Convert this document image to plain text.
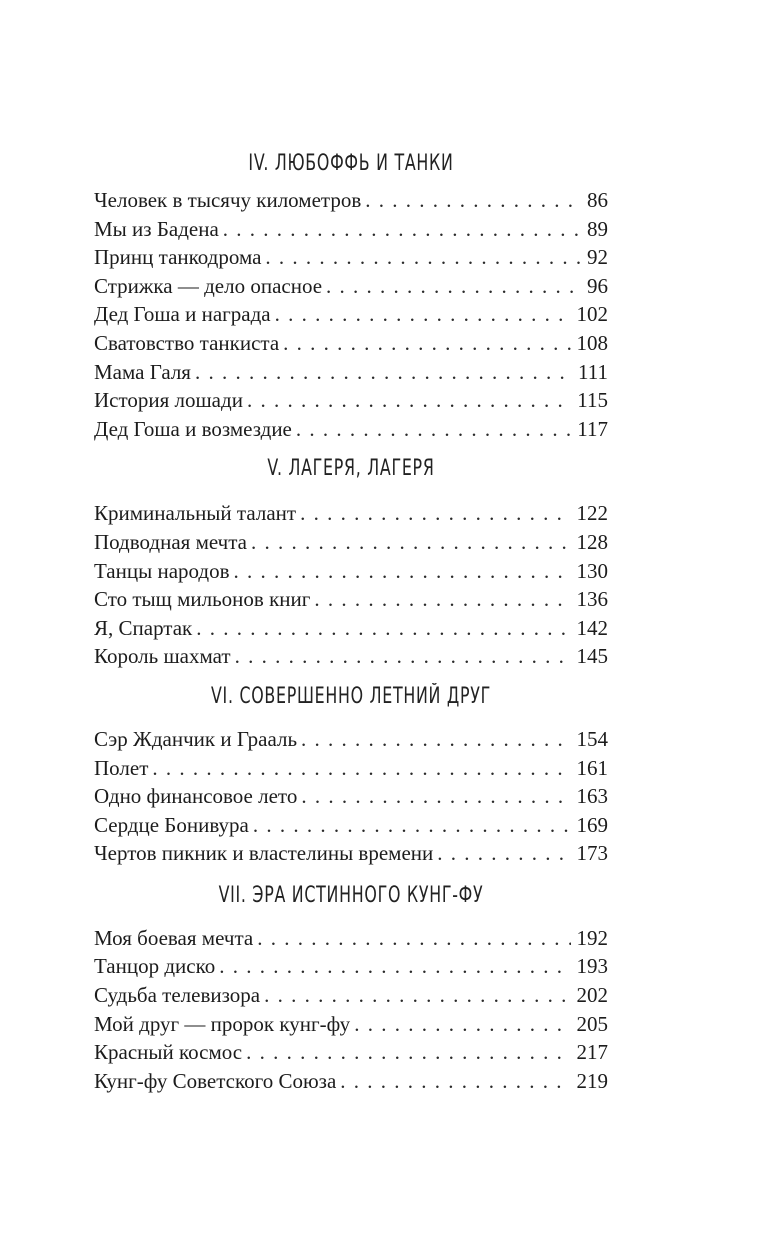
IV. ЛЮБОФФЬ И ТАНКИ
Человек в тысячу километров . . .	86
Мы из Бадена . . .	89
Принц танкодрома . . .	92
Стрижка — дело опасное . . .	96
Дед Гоша и награда . . .	102
Сватовство танкиста . . .	108
Мама Галя . . .	111
История лошади . . .	115
Дед Гоша и возмездие . . .	117
V. ЛАГЕРЯ, ЛАГЕРЯ
Криминальный талант . . .	122
Подводная мечта . . .	128
Танцы народов . . .	130
Сто тыщ мильонов книг . . .	136
Я, Спартак . . .	142
Король шахмат . . .	145
VI. СОВЕРШЕННО ЛЕТНИЙ ДРУГ
Сэр Жданчик и Грааль . . .	154
Полет . . .	161
Одно финансовое лето . . .	163
Сердце Бонивура . . .	169
Чертов пикник и властелины времени . . .	173
VII. ЭРА ИСТИННОГО КУНГ-ФУ
Моя боевая мечта . . .	192
Танцор диско . . .	193
Судьба телевизора . . .	202
Мой друг — пророк кунг-фу . . .	205
Красный космос . . .	217
Кунг-фу Советского Союза . . .	219
